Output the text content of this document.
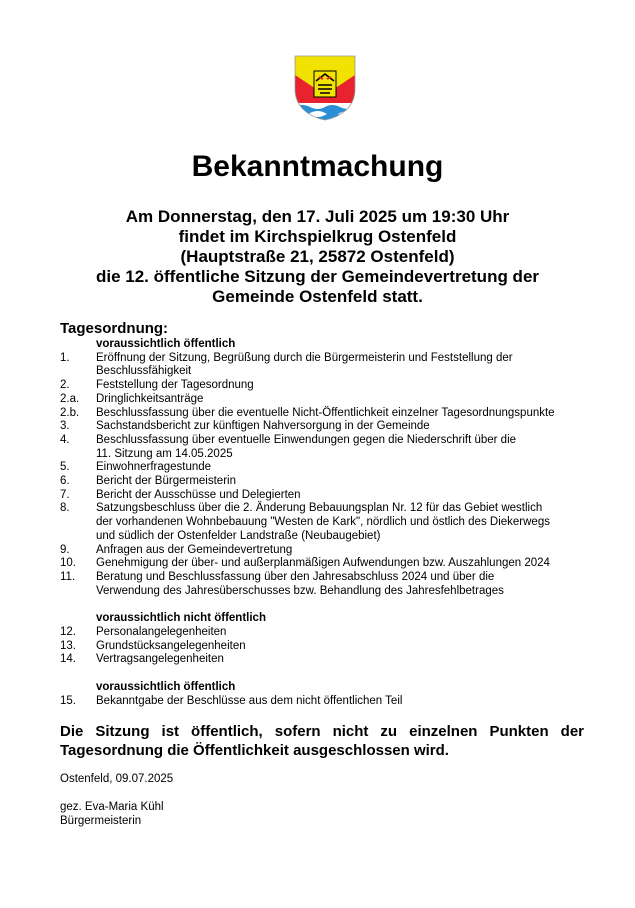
Bekanntmachung
Am Donnerstag, den 17. Juli 2025 um 19:30 Uhr
findet im Kirchspielkrug Ostenfeld
(Hauptstraße 21, 25872 Ostenfeld)
die 12. öffentliche Sitzung der Gemeindevertretung der
Gemeinde Ostenfeld statt.
Tagesordnung:
voraussichtlich öffentlich
1.	Eröffnung der Sitzung, Begrüßung durch die Bürgermeisterin und Feststellung der
Beschlussfähigkeit
2.	Feststellung der Tagesordnung
2.a.	Dringlichkeitsanträge
2.b.	Beschlussfassung über die eventuelle Nicht-Öffentlichkeit einzelner Tagesordnungspunkte
3.	Sachstandsbericht zur künftigen Nahversorgung in der Gemeinde
4.	Beschlussfassung über eventuelle Einwendungen gegen die Niederschrift über die
11. Sitzung am 14.05.2025
5.	Einwohnerfragestunde
6.	Bericht der Bürgermeisterin
7.	Bericht der Ausschüsse und Delegierten
8.	Satzungsbeschluss über die 2. Änderung Bebauungsplan Nr. 12 für das Gebiet westlich
der vorhandenen Wohnbebauung "Westen de Kark", nördlich und östlich des Diekerwegs
und südlich der Ostenfelder Landstraße (Neubaugebiet)
9.	Anfragen aus der Gemeindevertretung
10.	Genehmigung der über- und außerplanmäßigen Aufwendungen bzw. Auszahlungen 2024
11.	Beratung und Beschlussfassung über den Jahresabschluss 2024 und über die
Verwendung des Jahresüberschusses bzw. Behandlung des Jahresfehlbetrages
voraussichtlich nicht öffentlich
12.	Personalangelegenheiten
13.	Grundstücksangelegenheiten
14.	Vertragsangelegenheiten
voraussichtlich öffentlich
15.	Bekanntgabe der Beschlüsse aus dem nicht öffentlichen Teil
Die Sitzung ist öffentlich, sofern nicht zu einzelnen Punkten der
Tagesordnung die Öffentlichkeit ausgeschlossen wird.
Ostenfeld, 09.07.2025
gez. Eva-Maria Kühl
Bürgermeisterin
